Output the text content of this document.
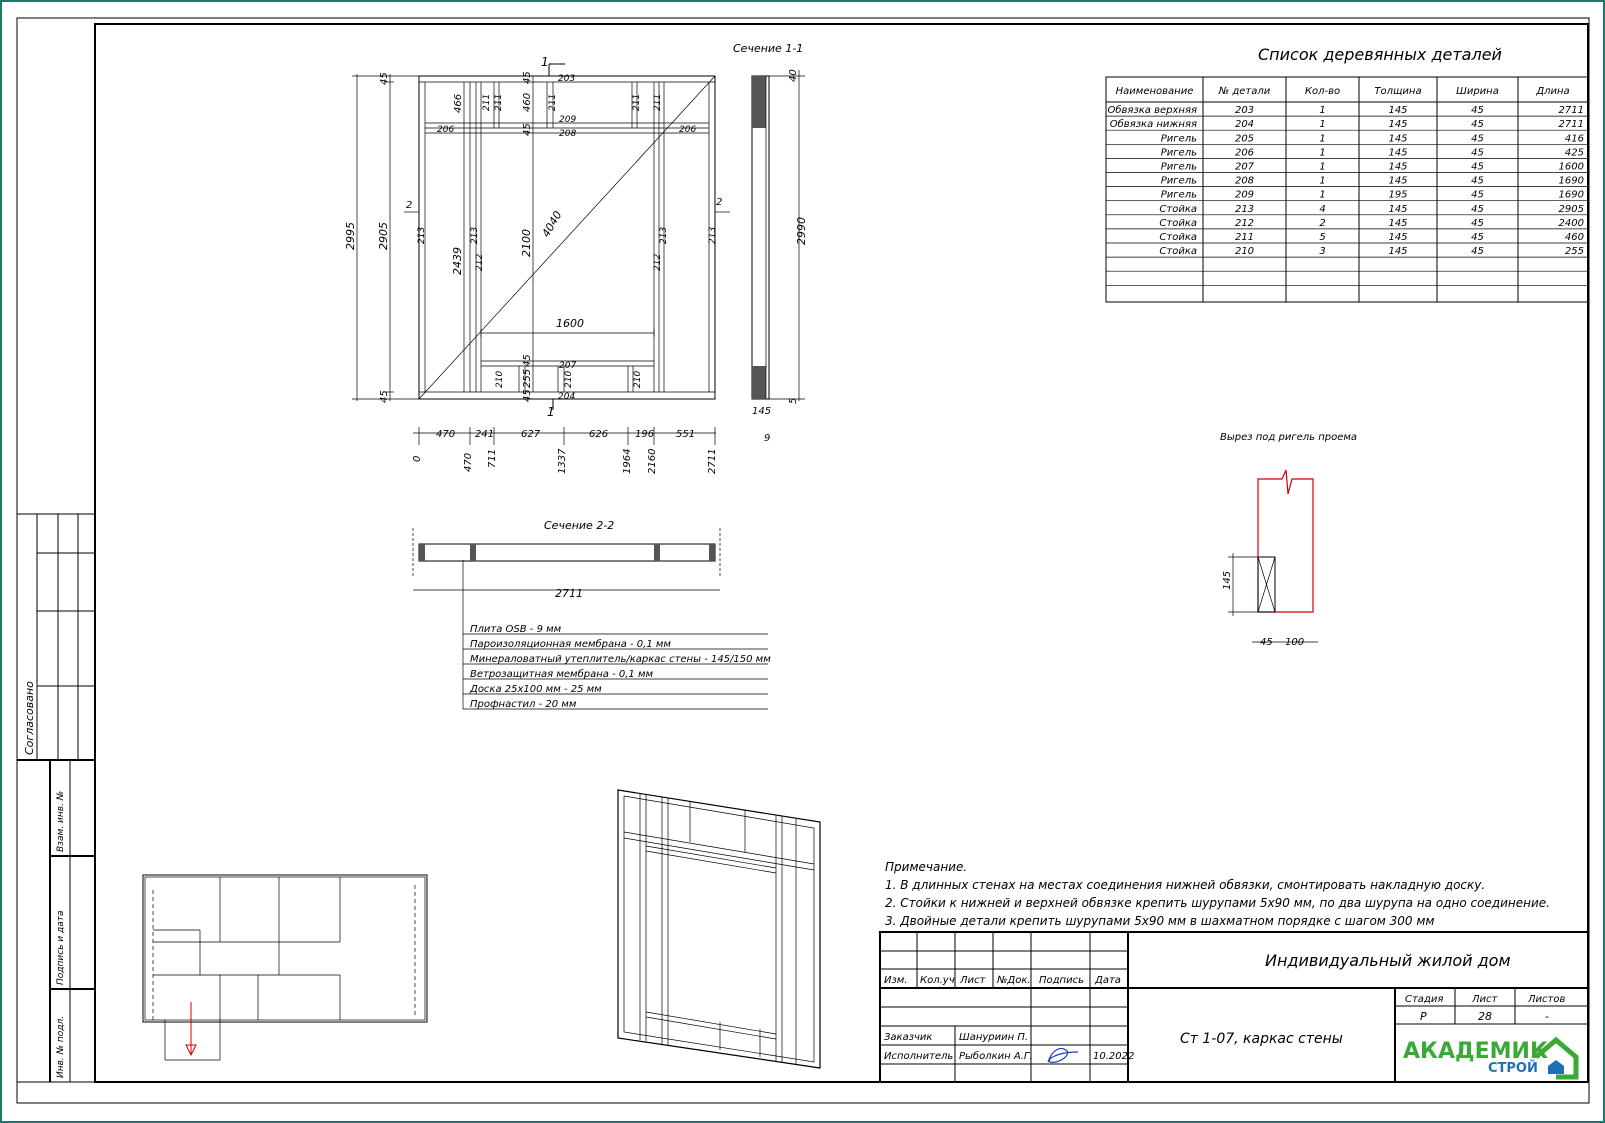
Согласовано
Взам. инв. №
Подпись и дата
Инв. № подл.
Сечение 1-1
1600
4040
203
204
206	206
209
208
207
213	213	213	213
212	212
211 211	211	211 211
210	210	210
1
1
45
2995 2905
45
466
2439
45
460
45
2100
45
255
45
2	2
470 241	627	626	196 551
0	470 711	1337	1964 2160	2711
40
2990
5
145
9
Сечение 2-2
2711
Плита OSB - 9 мм
Пароизоляционная мембрана - 0,1 мм
Минераловатный утеплитель/каркас стены - 145/150 мм
Ветрозащитная мембрана - 0,1 мм
Доска 25х100 мм - 25 мм
Профнастил - 20 мм
Список деревянных деталей
Наименование	№ детали	Кол-во	Толщина	Ширина	Длина
Обвязка верхняя	203	1	145	45	2711
Обвязка нижняя	204	1	145	45	2711
Ригель	205	1	145	45	416
Ригель	206	1	145	45	425
Ригель	207	1	145	45	1600
Ригель	208	1	145	45	1690
Ригель	209	1	195	45	1690
Стойка	213	4	145	45	2905
Стойка	212	2	145	45	2400
Стойка	211	5	145	45	460
Стойка	210	3	145	45	255
Вырез под ригель проема
145
45 100
Примечание.
1. В длинных стенах на местах соединения нижней обвязки, смонтировать накладную доску.
2. Стойки к нижней и верхней обвязке крепить шурупами 5х90 мм, по два шурупа на одно соединение.
3. Двойные детали крепить шурупами 5х90 мм в шахматном порядке с шагом 300 мм
Изм. Кол.уч Лист №Док. Подпись Дата
Заказчик	Шануриин П.
Исполнитель Рыболкин А.Г.	10.2022
Индивидуальный жилой дом
Ст 1-07, каркас стены
Стадия	Лист	Листов
Р	28	-
АКАДЕМИК
СТРОЙ
